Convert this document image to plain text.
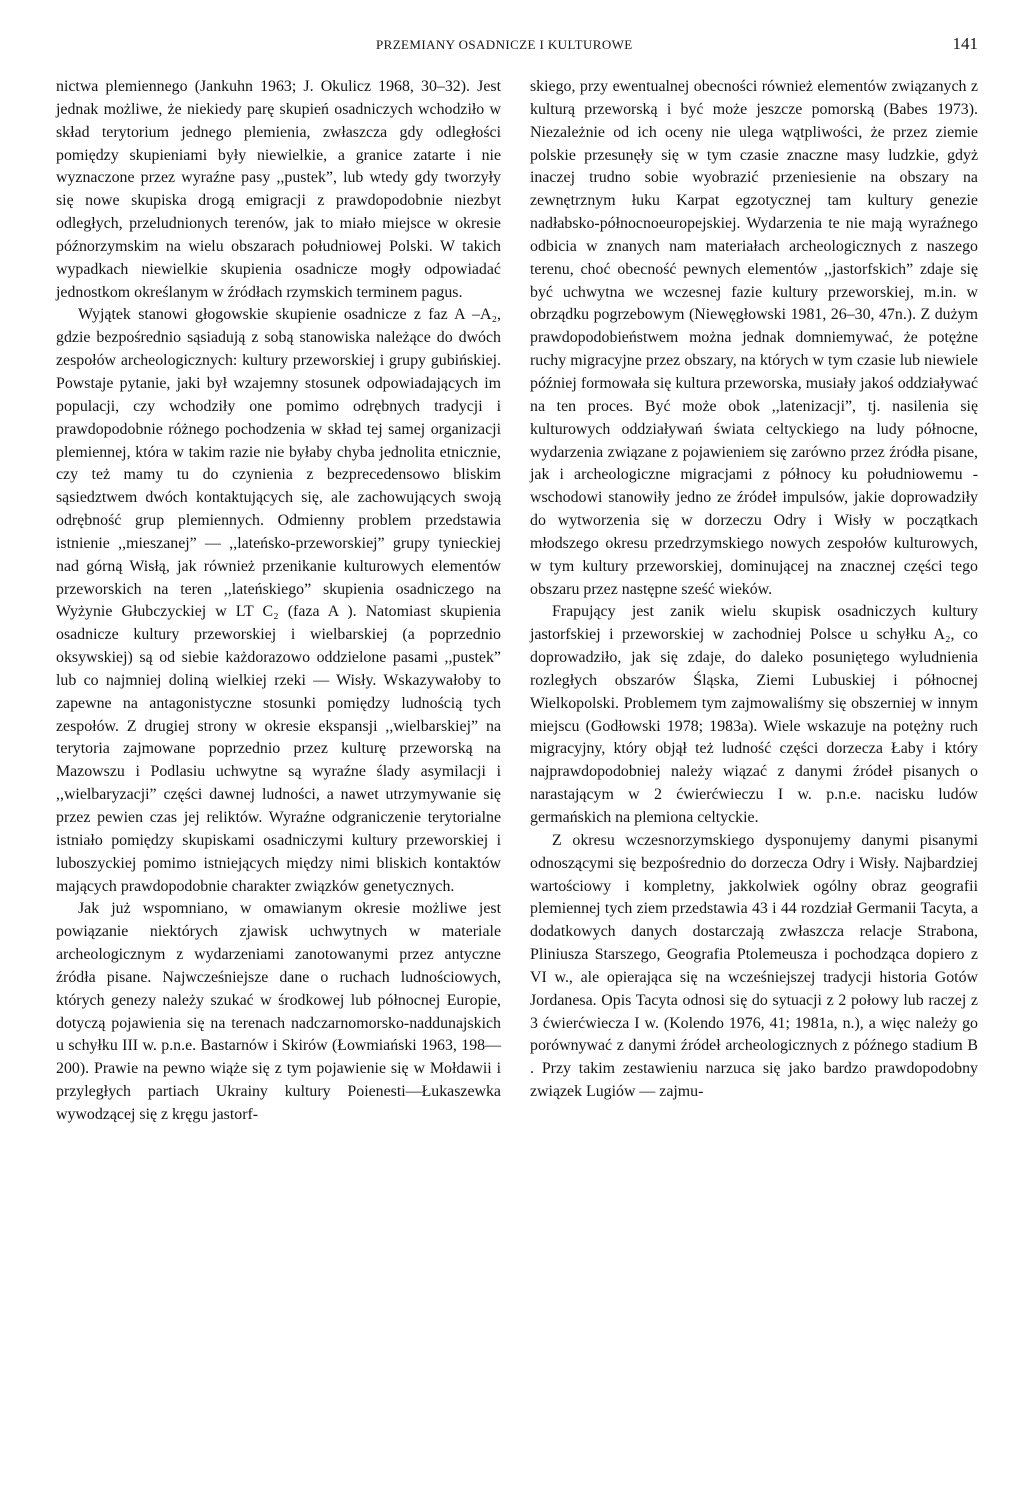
PRZEMIANY OSADNICZE I KULTUROWE	141

nictwa plemiennego (Jankuhn 1963; J. Okulicz 1968, 30–32). Jest jednak możliwe, że niekiedy parę skupień osadniczych wchodziło w skład terytorium jednego plemienia, zwłaszcza gdy odległości pomiędzy skupieniami były niewielkie, a granice zatarte i nie wyznaczone przez wyraźne pasy ,,pustek”, lub wtedy gdy tworzyły się nowe skupiska drogą emigracji z prawdopodobnie niezbyt odległych, przeludnionych terenów, jak to miało miejsce w okresie późnorzymskim na wielu obszarach południowej Polski. W takich wypadkach niewielkie skupienia osadnicze mogły odpowiadać jednostkom określanym w źródłach rzymskich terminem pagus.

Wyjątek stanowi głogowskie skupienie osadnicze z faz A –A₂, gdzie bezpośrednio sąsiadują z sobą stanowiska należące do dwóch zespołów archeologicznych: kultury przeworskiej i grupy gubińskiej. Powstaje pytanie, jaki był wzajemny stosunek odpowiadających im populacji, czy wchodziły one pomimo odrębnych tradycji i prawdopodobnie różnego pochodzenia w skład tej samej organizacji plemiennej, która w takim razie nie byłaby chyba jednolita etnicznie, czy też mamy tu do czynienia z bezprecedensowo bliskim sąsiedztwem dwóch kontaktujących się, ale zachowujących swoją odrębność grup plemiennych. Odmienny problem przedstawia istnienie ,,mieszanej” — ,,lateńsko-przeworskiej” grupy tynieckiej nad górną Wisłą, jak również przenikanie kulturowych elementów przeworskich na teren ,,lateńskiego” skupienia osadniczego na Wyżynie Głubczyckiej w LT C₂ (faza A ). Natomiast skupienia osadnicze kultury przeworskiej i wielbarskiej (a poprzednio oksywskiej) są od siebie każdorazowo oddzielone pasami ,,pustek” lub co najmniej doliną wielkiej rzeki — Wisły. Wskazywałoby to zapewne na antagonistyczne stosunki pomiędzy ludnością tych zespołów. Z drugiej strony w okresie ekspansji ,,wielbarskiej” na terytoria zajmowane poprzednio przez kulturę przeworską na Mazowszu i Podlasiu uchwytne są wyraźne ślady asymilacji i ,,wielbaryzacji” części dawnej ludności, a nawet utrzymywanie się przez pewien czas jej reliktów. Wyraźne odgraniczenie terytorialne istniało pomiędzy skupiskami osadniczymi kultury przeworskiej i luboszyckiej pomimo istniejących między nimi bliskich kontaktów mających prawdopodobnie charakter związków genetycznych.

Jak już wspomniano, w omawianym okresie możliwe jest powiązanie niektórych zjawisk uchwytnych w materiale archeologicznym z wydarzeniami zanotowanymi przez antyczne źródła pisane. Najwcześniejsze dane o ruchach ludnościowych, których genezy należy szukać w środkowej lub północnej Europie, dotyczą pojawienia się na terenach nadczarnomorsko-naddunajskich u schyłku III w. p.n.e. Bastarnów i Skirów (Łowmiański 1963, 198—200). Prawie na pewno wiąże się z tym pojawienie się w Mołdawii i przyległych partiach Ukrainy kultury Poienesti—Łukaszewka wywodzącej się z kręgu jastorf-

skiego, przy ewentualnej obecności również elementów związanych z kulturą przeworską i być może jeszcze pomorską (Babes 1973). Niezależnie od ich oceny nie ulega wątpliwości, że przez ziemie polskie przesunęły się w tym czasie znaczne masy ludzkie, gdyż inaczej trudno sobie wyobrazić przeniesienie na obszary na zewnętrznym łuku Karpat egzotycznej tam kultury genezie nadłabsko-północnoeuropejskiej. Wydarzenia te nie mają wyraźnego odbicia w znanych nam materiałach archeologicznych z naszego terenu, choć obecność pewnych elementów ,,jastorfskich” zdaje się być uchwytna we wczesnej fazie kultury przeworskiej, m.in. w obrządku pogrzebowym (Niewęgłowski 1981, 26–30, 47n.). Z dużym prawdopodobieństwem można jednak domniemywać, że potężne ruchy migracyjne przez obszary, na których w tym czasie lub niewiele później formowała się kultura przeworska, musiały jakoś oddziaływać na ten proces. Być może obok ,,latenizacji”, tj. nasilenia się kulturowych oddziaływań świata celtyckiego na ludy północne, wydarzenia związane z pojawieniem się zarówno przez źródła pisane, jak i archeologiczne migracjami z północy ku południowemu -wschodowi stanowiły jedno ze źródeł impulsów, jakie doprowadziły do wytworzenia się w dorzeczu Odry i Wisły w początkach młodszego okresu przedrzymskiego nowych zespołów kulturowych, w tym kultury przeworskiej, dominującej na znacznej części tego obszaru przez następne sześć wieków.

Frapujący jest zanik wielu skupisk osadniczych kultury jastorfskiej i przeworskiej w zachodniej Polsce u schyłku A₂, co doprowadziło, jak się zdaje, do daleko posuniętego wyludnienia rozległych obszarów Śląska, Ziemi Lubuskiej i północnej Wielkopolski. Problemem tym zajmowaliśmy się obszerniej w innym miejscu (Godłowski 1978; 1983a). Wiele wskazuje na potężny ruch migracyjny, który objął też ludność części dorzecza Łaby i który najprawdopodobniej należy wiązać z danymi źródeł pisanych o narastającym w 2 ćwierćwieczu I w. p.n.e. nacisku ludów germańskich na plemiona celtyckie.

Z okresu wczesnorzymskiego dysponujemy danymi pisanymi odnoszącymi się bezpośrednio do dorzecza Odry i Wisły. Najbardziej wartościowy i kompletny, jakkolwiek ogólny obraz geografii plemiennej tych ziem przedstawia 43 i 44 rozdział Germanii Tacyta, a dodatkowych danych dostarczają zwłaszcza relacje Strabona, Pliniusza Starszego, Geografia Ptolemeusza i pochodząca dopiero z VI w., ale opierająca się na wcześniejszej tradycji historia Gotów Jordanesa. Opis Tacyta odnosi się do sytuacji z 2 połowy lub raczej z 3 ćwierćwiecza I w. (Kolendo 1976, 41; 1981a, n.), a więc należy go porównywać z danymi źródeł archeologicznych z późnego stadium B . Przy takim zestawieniu narzuca się jako bardzo prawdopodobny związek Lugiów — zajmu-
